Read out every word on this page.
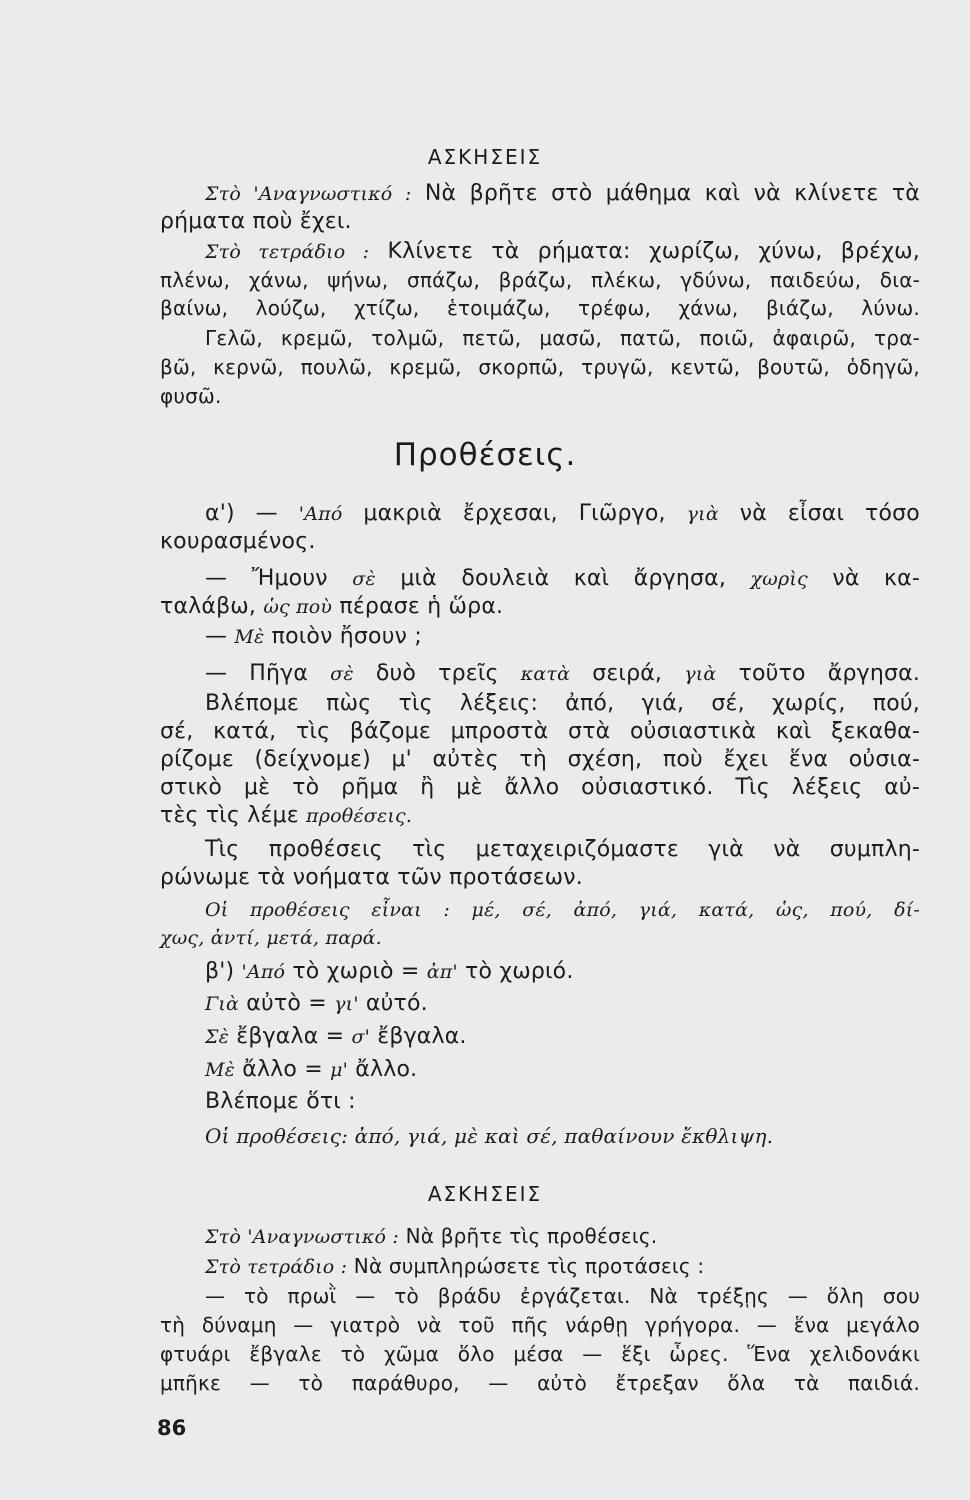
ΑΣΚΗΣΕΙΣ
Στὸ 'Αναγνωστικό : Νὰ βρῆτε στὸ μάθημα καὶ νὰ κλίνετε τὰ
ρήματα ποὺ ἔχει.
Στὸ τετράδιο : Κλίνετε τὰ ρήματα: χωρίζω, χύνω, βρέχω,
πλένω, χάνω, ψήνω, σπάζω, βράζω, πλέκω, γδύνω, παιδεύω, δια-
βαίνω, λούζω, χτίζω, ἑτοιμάζω, τρέφω, χάνω, βιάζω, λύνω.
Γελῶ, κρεμῶ, τολμῶ, πετῶ, μασῶ, πατῶ, ποιῶ, ἀφαιρῶ, τρα-
βῶ, κερνῶ, πουλῶ, κρεμῶ, σκορπῶ, τρυγῶ, κεντῶ, βουτῶ, ὁδηγῶ,
φυσῶ.
Προθέσεις.
α') — 'Από μακριὰ ἔρχεσαι, Γιῶργο, γιὰ νὰ εἶσαι τόσο
κουρασμένος.
— Ἤμουν σὲ μιὰ δουλειὰ καὶ ἄργησα, χωρὶς νὰ κα-
ταλάβω, ὡς ποὺ πέρασε ἡ ὥρα.
— Μὲ ποιὸν ἤσουν ;
— Πῆγα σὲ δυὸ τρεῖς κατὰ σειρά, γιὰ τοῦτο ἄργησα.
Βλέπομε πὼς τὶς λέξεις: ἀπό, γιά, σέ, χωρίς, πού,
σέ, κατά, τὶς βάζομε μπροστὰ στὰ οὐσιαστικὰ καὶ ξεκαθα-
ρίζομε (δείχνομε) μ' αὐτὲς τὴ σχέση, ποὺ ἔχει ἕνα οὐσια-
στικὸ μὲ τὸ ρῆμα ἢ μὲ ἄλλο οὐσιαστικό. Τὶς λέξεις αὐ-
τὲς τὶς λέμε προθέσεις.
Τὶς προθέσεις τὶς μεταχειριζόμαστε γιὰ νὰ συμπλη-
ρώνωμε τὰ νοήματα τῶν προτάσεων.
Οἱ προθέσεις εἶναι : μέ, σέ, ἀπό, γιά, κατά, ὡς, πού, δί-
χως, ἀντί, μετά, παρά.
β') 'Από τὸ χωριὸ = ἀπ' τὸ χωριό.
Γιὰ αὐτὸ = γι' αὐτό.
Σὲ ἔβγαλα = σ' ἔβγαλα.
Μὲ ἄλλο = μ' ἄλλο.
Βλέπομε ὅτι :
Οἱ προθέσεις: ἀπό, γιά, μὲ καὶ σέ, παθαίνουν ἔκθλιψη.
ΑΣΚΗΣΕΙΣ
Στὸ 'Αναγνωστικό : Νὰ βρῆτε τὶς προθέσεις.
Στὸ τετράδιο : Νὰ συμπληρώσετε τὶς προτάσεις :
— τὸ πρωῒ — τὸ βράδυ ἐργάζεται. Νὰ τρέξῃς — ὅλη σου
τὴ δύναμη — γιατρὸ νὰ τοῦ πῆς νάρθῃ γρήγορα. — ἕνα μεγάλο
φτυάρι ἔβγαλε τὸ χῶμα ὅλο μέσα — ἕξι ὧρες. Ἕνα χελιδονάκι
μπῆκε — τὸ παράθυρο, — αὐτὸ ἔτρεξαν ὅλα τὰ παιδιά.
86
